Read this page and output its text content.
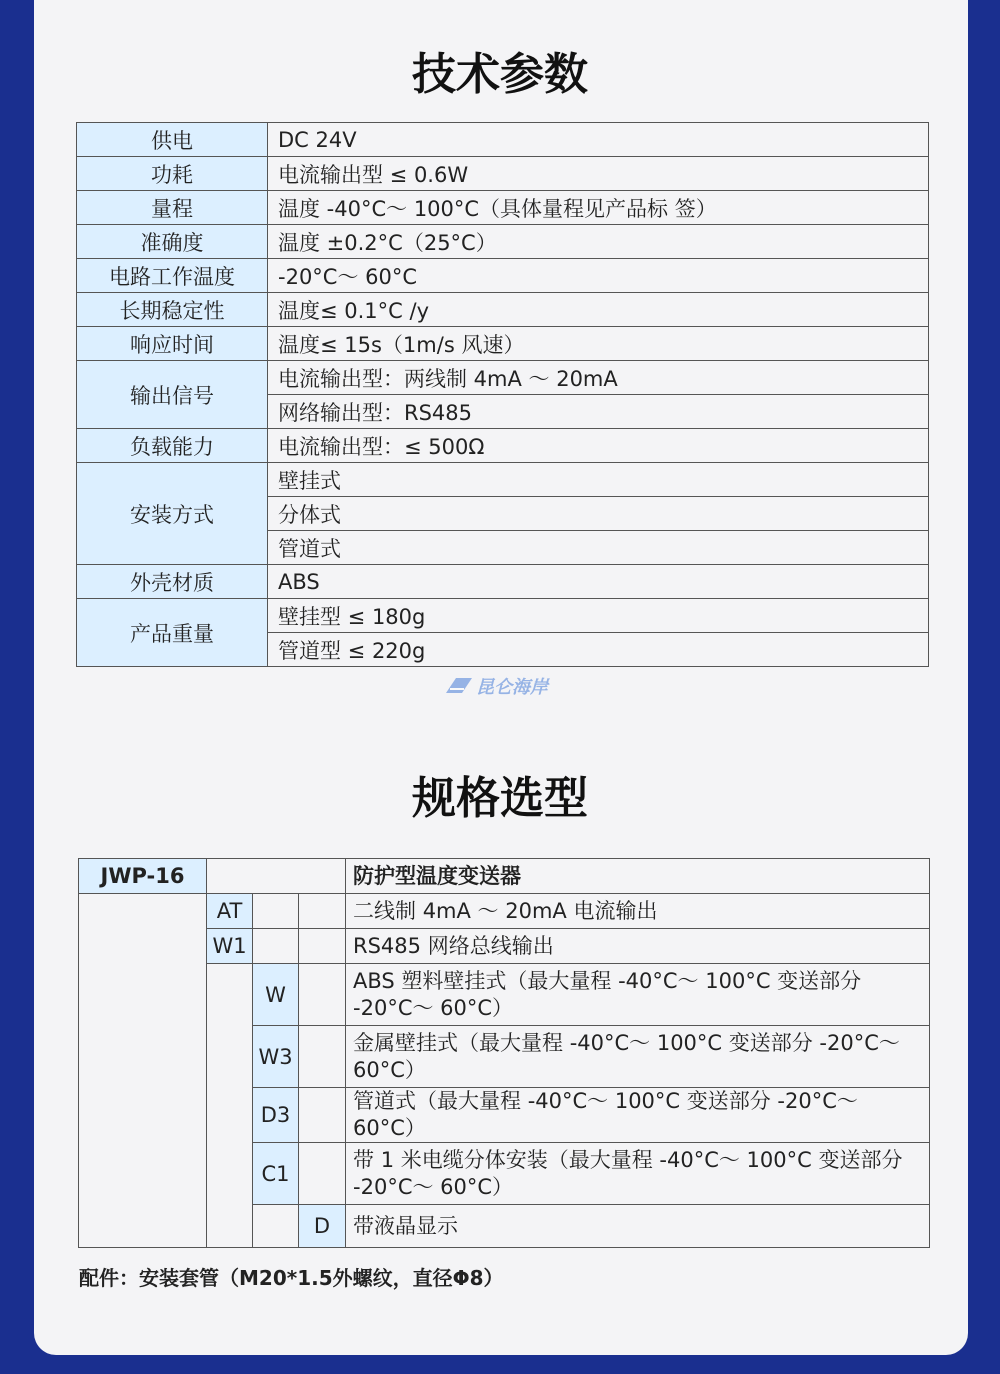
技术参数
供电	DC 24V
功耗	电流输出型 ≤ 0.6W
量程	温度 -40°C～ 100°C（具体量程见产品标 签）
准确度	温度 ±0.2°C（25°C）
电路工作温度	-20°C～ 60°C
长期稳定性	温度≤ 0.1°C /y
响应时间	温度≤ 15s（1m/s 风速）
输出信号	电流输出型：两线制 4mA ～ 20mA
	网络输出型：RS485
负载能力	电流输出型：≤ 500Ω
安装方式	壁挂式
	分体式
	管道式
外壳材质	ABS
产品重量	壁挂型 ≤ 180g
	管道型 ≤ 220g
昆仑海岸
规格选型
JWP-16				防护型温度变送器
	AT			二线制 4mA ～ 20mA 电流输出
	W1			RS485 网络总线输出
		W		ABS 塑料壁挂式（最大量程 -40°C～ 100°C 变送部分 -20°C～ 60°C）
		W3		金属壁挂式（最大量程 -40°C～ 100°C 变送部分 -20°C～ 60°C）
		D3		管道式（最大量程 -40°C～ 100°C 变送部分 -20°C～ 60°C）
		C1		带 1 米电缆分体安装（最大量程 -40°C～ 100°C 变送部分 -20°C～ 60°C）
			D	带液晶显示
配件：安装套管（M20*1.5外螺纹，直径Φ8）
